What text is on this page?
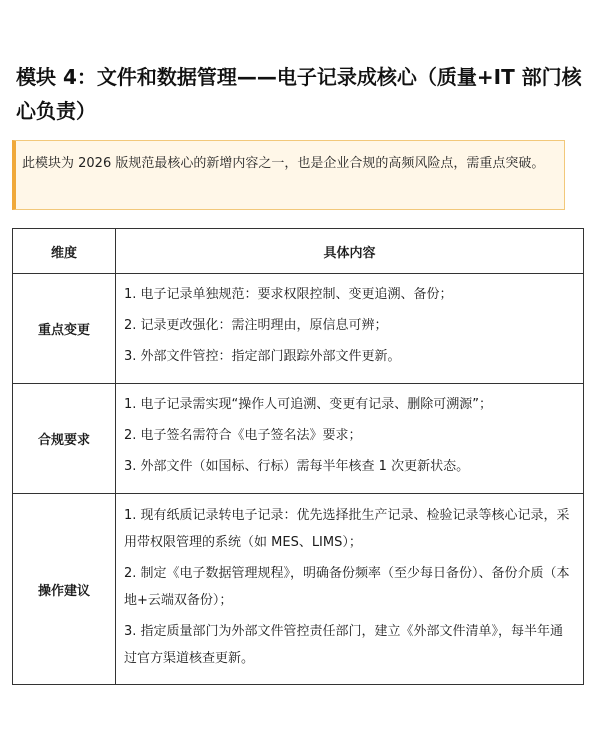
模块 4：文件和数据管理——电子记录成核心（质量+IT 部门核心负责）
此模块为 2026 版规范最核心的新增内容之一，也是企业合规的高频风险点，需重点突破。
维度	具体内容
重点变更	1. 电子记录单独规范：要求权限控制、变更追溯、备份；
2. 记录更改强化：需注明理由，原信息可辨；
3. 外部文件管控：指定部门跟踪外部文件更新。

合规要求	1. 电子记录需实现“操作人可追溯、变更有记录、删除可溯源”；
2. 电子签名需符合《电子签名法》要求；
3. 外部文件（如国标、行标）需每半年核查 1 次更新状态。

操作建议	1. 现有纸质记录转电子记录：优先选择批生产记录、检验记录等核心记录，采用带权限管理的系统（如 MES、LIMS）；
2. 制定《电子数据管理规程》，明确备份频率（至少每日备份）、备份介质（本地+云端双备份）；
3. 指定质量部门为外部文件管控责任部门，建立《外部文件清单》，每半年通过官方渠道核查更新。
